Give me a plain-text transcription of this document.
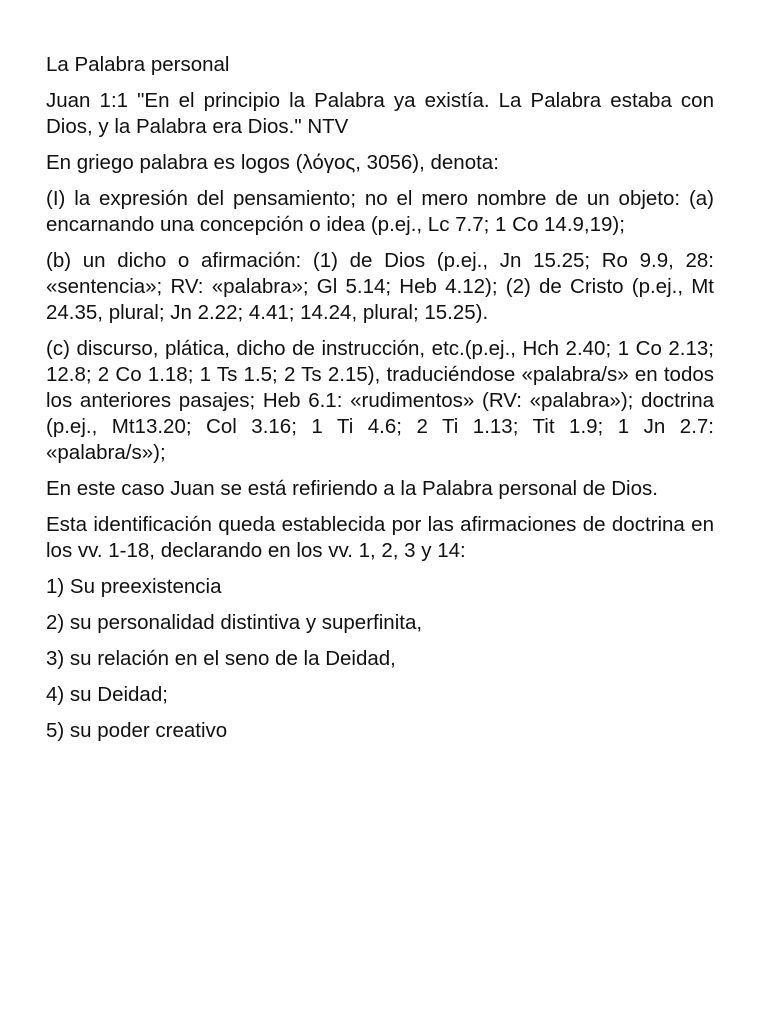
La Palabra personal

Juan 1:1 "En el principio la Palabra ya existía. La Palabra estaba con Dios, y la Palabra era Dios." NTV

En griego palabra es logos (λόγος, 3056), denota:

(I) la expresión del pensamiento; no el mero nombre de un objeto: (a) encarnando una concepción o idea (p.ej., Lc 7.7; 1 Co 14.9,19);

(b) un dicho o afirmación: (1) de Dios (p.ej., Jn 15.25; Ro 9.9, 28: «sentencia»; RV: «palabra»; Gl 5.14; Heb 4.12); (2) de Cristo (p.ej., Mt 24.35, plural; Jn 2.22; 4.41; 14.24, plural; 15.25).

(c) discurso, plática, dicho de instrucción, etc.(p.ej., Hch 2.40; 1 Co 2.13; 12.8; 2 Co 1.18; 1 Ts 1.5; 2 Ts 2.15), traduciéndose «palabra/s» en todos los anteriores pasajes; Heb 6.1: «rudimentos» (RV: «palabra»); doctrina (p.ej., Mt13.20; Col 3.16; 1 Ti 4.6; 2 Ti 1.13; Tit 1.9; 1 Jn 2.7: «palabra/s»);

En este caso Juan se está refiriendo a la Palabra personal de Dios.

Esta identificación queda establecida por las afirmaciones de doctrina en los vv. 1-18, declarando en los vv. 1, 2, 3 y 14:

1) Su preexistencia

2) su personalidad distintiva y superfinita,

3) su relación en el seno de la Deidad,

4) su Deidad;

5) su poder creativo
